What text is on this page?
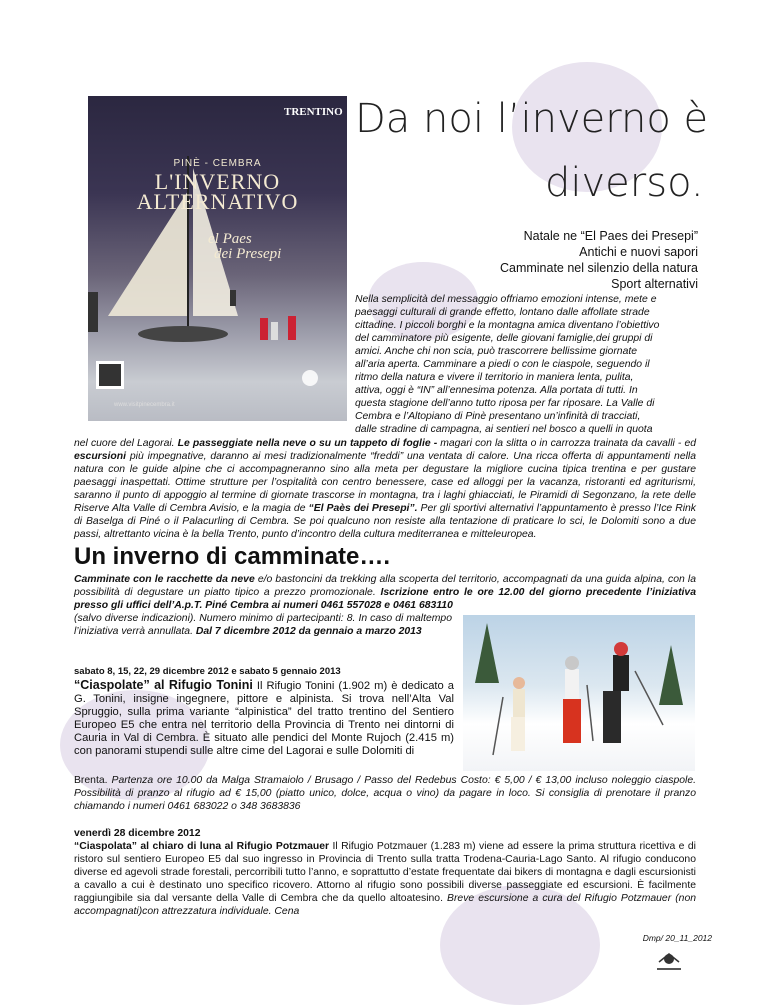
TRENTINO
PINÈ - CEMBRA
L'INVERNO
ALTERNATIVO
el Paes
dei Presepi
www.visitpinecembra.it
Da noi l’inverno è
diverso.
Natale ne “El Paes dei Presepi”
Antichi e nuovi sapori
Camminate nel silenzio della natura
Sport alternativi
Nella semplicità del messaggio offriamo emozioni intense, mete e
paesaggi culturali di grande effetto, lontano dalle affollate strade
cittadine. I piccoli borghi e la montagna amica diventano l’obiettivo
del camminatore più esigente, delle giovani famiglie,dei gruppi di
amici. Anche chi non scia, può trascorrere bellissime giornate
all’aria aperta. Camminare a piedi o con le ciaspole, seguendo il
ritmo della natura e vivere il territorio in maniera lenta, pulita,
attiva, oggi è “IN” all’ennesima potenza. Alla portata di tutti. In
questa stagione dell’anno tutto riposa per far riposare. La Valle di
Cembra e l’Altopiano di Pinè presentano un’infinità di tracciati,
dalle stradine di campagna, ai sentieri nel bosco a quelli in quota
nel cuore del Lagorai. Le passeggiate nella neve o su un tappeto di foglie - magari con la slitta o in carrozza trainata da cavalli - ed escursioni più impegnative, daranno ai mesi tradizionalmente “freddi” una ventata di calore. Una ricca offerta di appuntamenti nella natura con le guide alpine che ci accompagneranno sino alla meta per degustare la migliore cucina tipica trentina e per gustare paesaggi inaspettati. Ottime strutture per l’ospitalità con centro benessere, case ed alloggi per la vacanza, ristoranti ed agriturismi, saranno il punto di appoggio al termine di giornate trascorse in montagna, tra i laghi ghiacciati, le Piramidi di Segonzano, la rete delle Riserve Alta Valle di Cembra Avisio, e la magia de “El Paès dei Presepi”. Per gli sportivi alternativi l’appuntamento è presso l’Ice Rink di Baselga di Piné o il Palacurling di Cembra. Se poi qualcuno non resiste alla tentazione di praticare lo sci, le Dolomiti sono a due passi, altrettanto vicina è la bella Trento, punto d’incontro della cultura mediterranea e mitteleuropea.
Un inverno di camminate….
Camminate con le racchette da neve e/o bastoncini da trekking alla scoperta del territorio, accompagnati da una guida alpina, con la possibilità di degustare un piatto tipico a prezzo promozionale. Iscrizione entro le ore 12.00 del giorno precedente l’iniziativa presso gli uffici dell’A.p.T. Piné Cembra ai numeri 0461 557028 e 0461 683110
(salvo diverse indicazioni). Numero minimo di partecipanti: 8. In caso di maltempo l’iniziativa verrà annullata. Dal 7 dicembre 2012 da gennaio a marzo 2013
sabato 8, 15, 22, 29 dicembre 2012 e sabato 5 gennaio 2013
“Ciaspolate” al Rifugio Tonini Il Rifugio Tonini (1.902 m) è dedicato a G. Tonini, insigne ingegnere, pittore e alpinista. Si trova nell’Alta Val Spruggio, sulla prima variante “alpinistica” del tratto trentino del Sentiero Europeo E5 che entra nel territorio della Provincia di Trento nei dintorni di Cauria in Val di Cembra. È situato alle pendici del Monte Rujoch (2.415 m) con panorami stupendi sulle altre cime del Lagorai e sulle Dolomiti di
Brenta. Partenza ore 10.00 da Malga Stramaiolo / Brusago / Passo del Redebus Costo: € 5,00 / € 13,00 incluso noleggio ciaspole. Possibilità di pranzo al rifugio ad € 15,00 (piatto unico, dolce, acqua o vino) da pagare in loco. Si consiglia di prenotare il pranzo chiamando i numeri 0461 683022 o 348 3683836
venerdì 28 dicembre 2012
“Ciaspolata” al chiaro di luna al Rifugio Potzmauer Il Rifugio Potzmauer (1.283 m) viene ad essere la prima struttura ricettiva e di ristoro sul sentiero Europeo E5 dal suo ingresso in Provincia di Trento sulla tratta Trodena-Cauria-Lago Santo. Al rifugio conducono diverse ed agevoli strade forestali, percorribili tutto l’anno, e soprattutto d’estate frequentate dai bikers di montagna e dagli escursionisti a cavallo a cui è destinato uno specifico ricovero. Attorno al rifugio sono possibili diverse passeggiate ed escursioni. È facilmente raggiungibile sia dal versante della Valle di Cembra che da quello altoatesino. Breve escursione a cura del Rifugio Potzmauer (non accompagnati)con attrezzatura individuale. Cena
Dmp/ 20_11_2012
